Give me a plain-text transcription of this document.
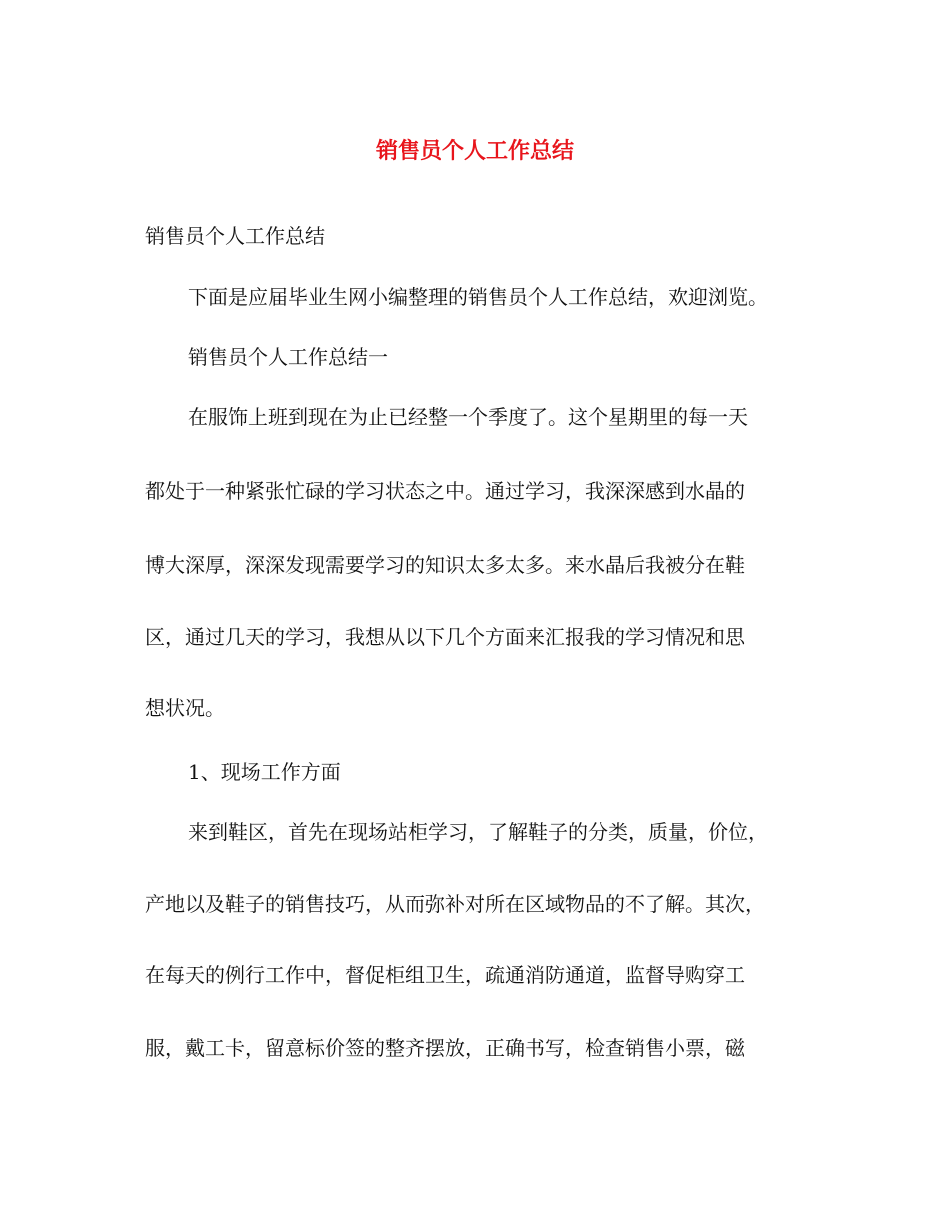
销售员个人工作总结

销售员个人工作总结

下面是应届毕业生网小编整理的销售员个人工作总结，欢迎浏览。

销售员个人工作总结一

在服饰上班到现在为止已经整一个季度了。这个星期里的每一天

都处于一种紧张忙碌的学习状态之中。通过学习，我深深感到水晶的

博大深厚，深深发现需要学习的知识太多太多。来水晶后我被分在鞋

区，通过几天的学习，我想从以下几个方面来汇报我的学习情况和思

想状况。

1、现场工作方面

来到鞋区，首先在现场站柜学习，了解鞋子的分类，质量，价位，

产地以及鞋子的销售技巧，从而弥补对所在区域物品的不了解。其次，

在每天的例行工作中，督促柜组卫生，疏通消防通道，监督导购穿工

服，戴工卡，留意标价签的整齐摆放，正确书写，检查销售小票，磁
